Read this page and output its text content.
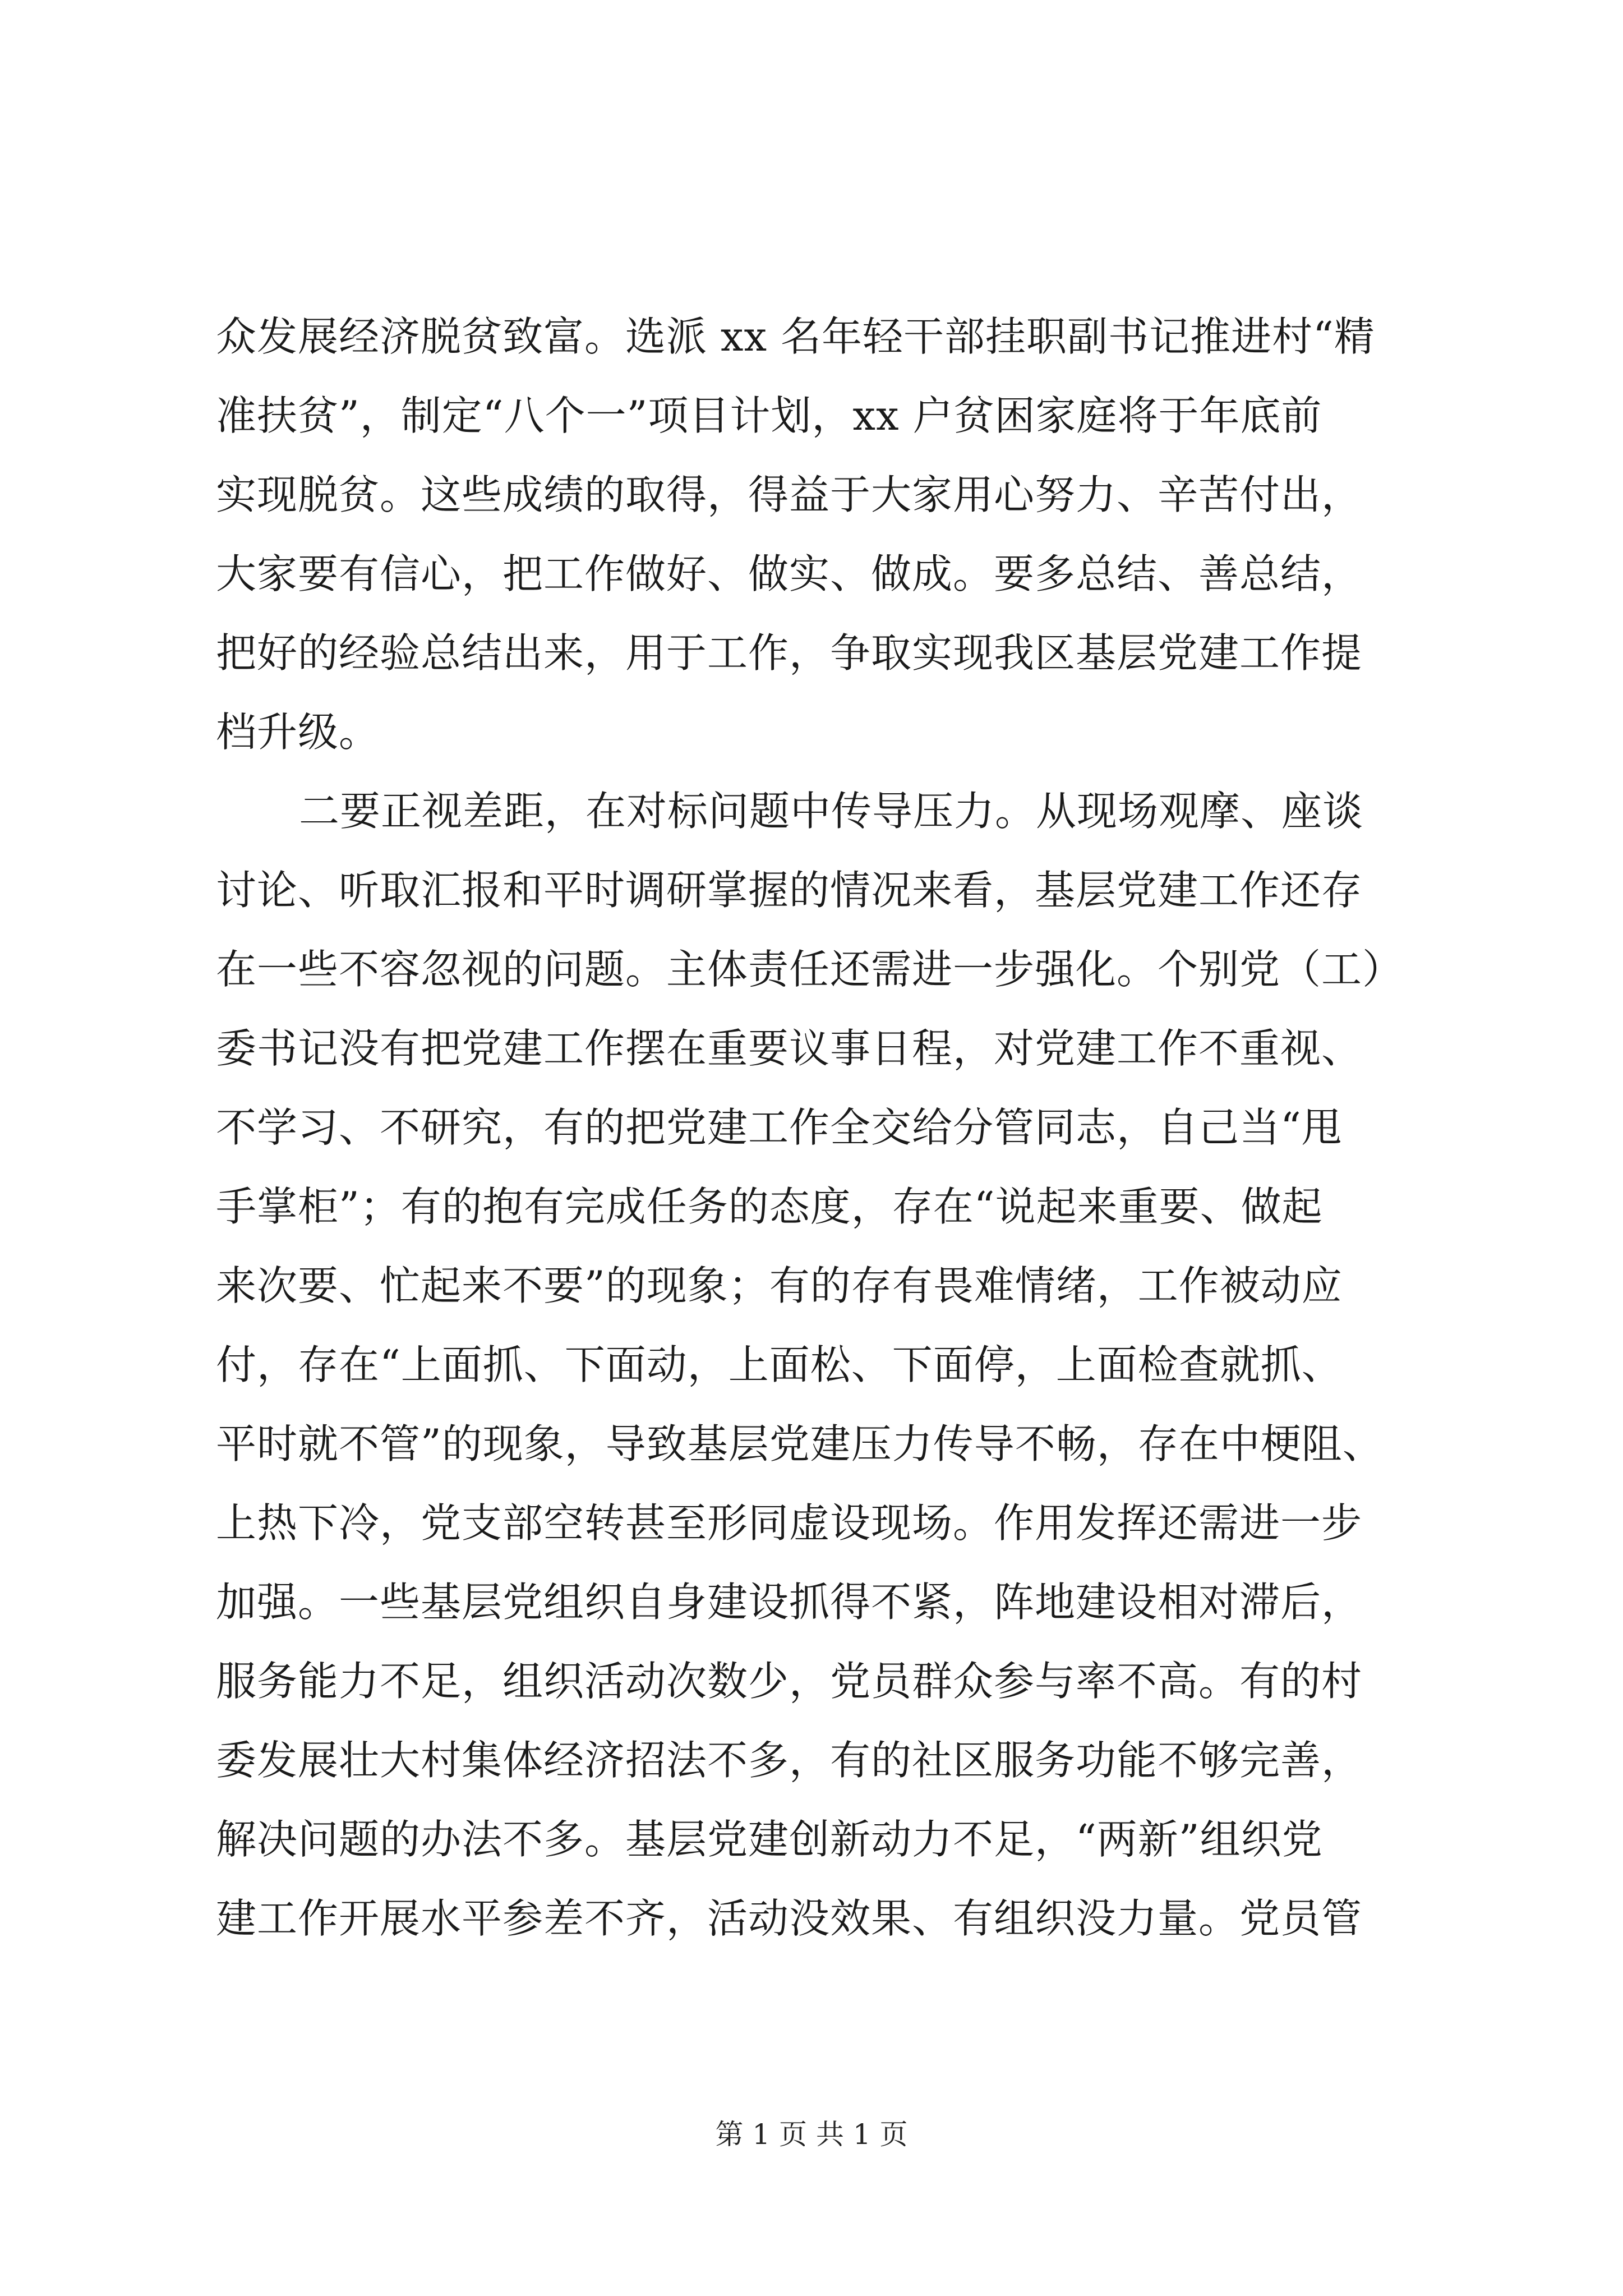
众发展经济脱贫致富。选派 xx 名年轻干部挂职副书记推进村“精
准扶贫”，制定“八个一”项目计划，xx 户贫困家庭将于年底前
实现脱贫。这些成绩的取得，得益于大家用心努力、辛苦付出，
大家要有信心，把工作做好、做实、做成。要多总结、善总结，
把好的经验总结出来，用于工作，争取实现我区基层党建工作提
档升级。
二要正视差距，在对标问题中传导压力。从现场观摩、座谈
讨论、听取汇报和平时调研掌握的情况来看，基层党建工作还存
在一些不容忽视的问题。主体责任还需进一步强化。个别党（工）
委书记没有把党建工作摆在重要议事日程，对党建工作不重视、
不学习、不研究，有的把党建工作全交给分管同志，自己当“甩
手掌柜”；有的抱有完成任务的态度，存在“说起来重要、做起
来次要、忙起来不要”的现象；有的存有畏难情绪，工作被动应
付，存在“上面抓、下面动，上面松、下面停，上面检查就抓、
平时就不管”的现象，导致基层党建压力传导不畅，存在中梗阻、
上热下冷，党支部空转甚至形同虚设现场。作用发挥还需进一步
加强。一些基层党组织自身建设抓得不紧，阵地建设相对滞后，
服务能力不足，组织活动次数少，党员群众参与率不高。有的村
委发展壮大村集体经济招法不多，有的社区服务功能不够完善，
解决问题的办法不多。基层党建创新动力不足，“两新”组织党
建工作开展水平参差不齐，活动没效果、有组织没力量。党员管
第 1 页 共 1 页
